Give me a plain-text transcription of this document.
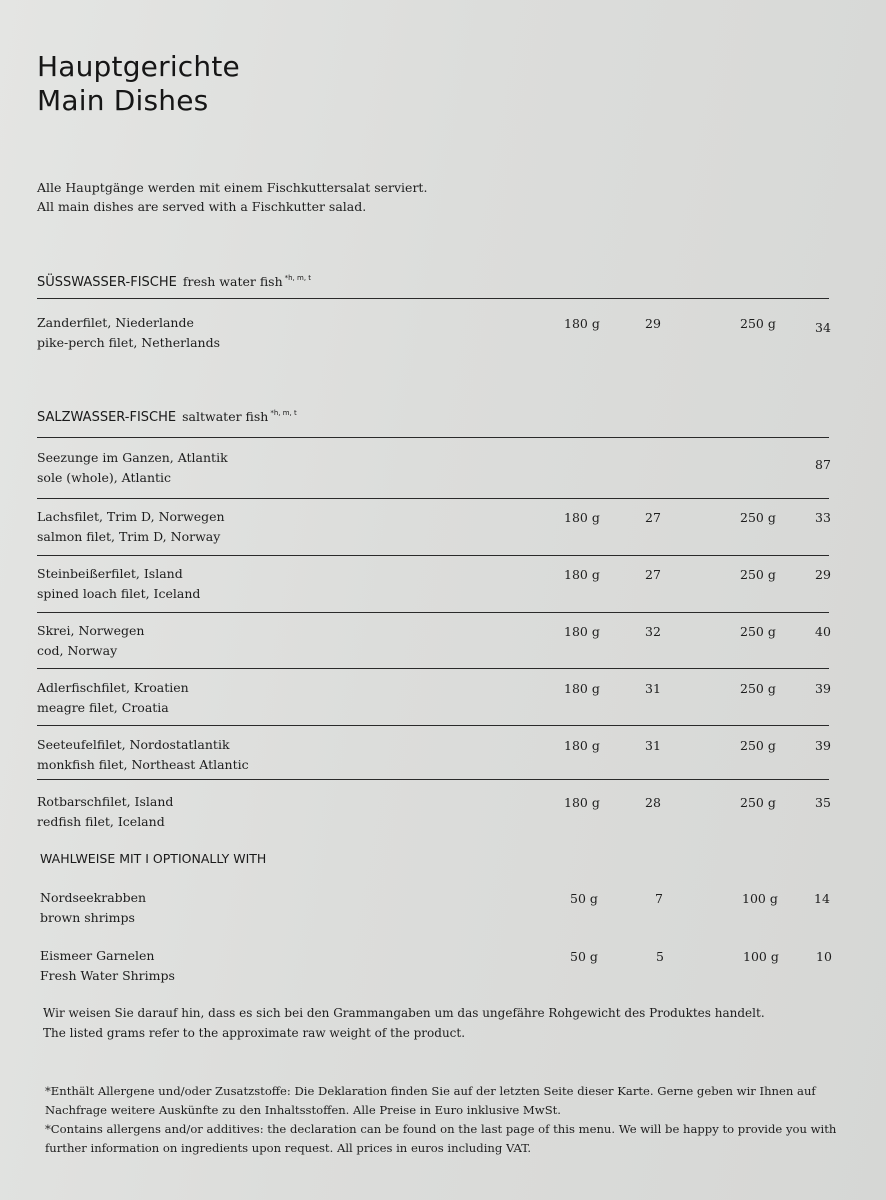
Hauptgerichte
Main Dishes
Alle Hauptgänge werden mit einem Fischkuttersalat serviert.
All main dishes are served with a Fischkutter salad.
SÜSSWASSER-FISCHE fresh water fish $^{*h, m, t}$
Zanderfilet, Niederlande
pike-perch filet, Netherlands
180 g	29	250 g	34
SALZWASSER-FISCHE saltwater fish $^{*h, m, t}$
Seezunge im Ganzen, Atlantik
sole (whole), Atlantic
87
Lachsfilet, Trim D, Norwegen
salmon filet, Trim D, Norway
180 g	27	250 g	33
Steinbeißerfilet, Island
spined loach filet, Iceland
180 g	27	250 g	29
Skrei, Norwegen
cod, Norway
180 g	32	250 g	40
Adlerfischfilet, Kroatien
meagre filet, Croatia
180 g	31	250 g	39
Seeteufelfilet, Nordostatlantik
monkfish filet, Northeast Atlantic
180 g	31	250 g	39
Rotbarschfilet, Island
redfish filet, Iceland
180 g	28	250 g	35
WAHLWEISE MIT I OPTIONALLY WITH
Nordseekrabben
brown shrimps
50 g	7	100 g	14
Eismeer Garnelen
Fresh Water Shrimps
50 g	5	100 g	10
Wir weisen Sie darauf hin, dass es sich bei den Grammangaben um das ungefähre Rohgewicht des Produktes handelt.
The listed grams refer to the approximate raw weight of the product.
*Enthält Allergene und/oder Zusatzstoffe: Die Deklaration finden Sie auf der letzten Seite dieser Karte. Gerne geben wir Ihnen auf Nachfrage weitere Auskünfte zu den Inhaltsstoffen. Alle Preise in Euro inklusive MwSt.
*Contains allergens and/or additives: the declaration can be found on the last page of this menu. We will be happy to provide you with further information on ingredients upon request. All prices in euros including VAT.
